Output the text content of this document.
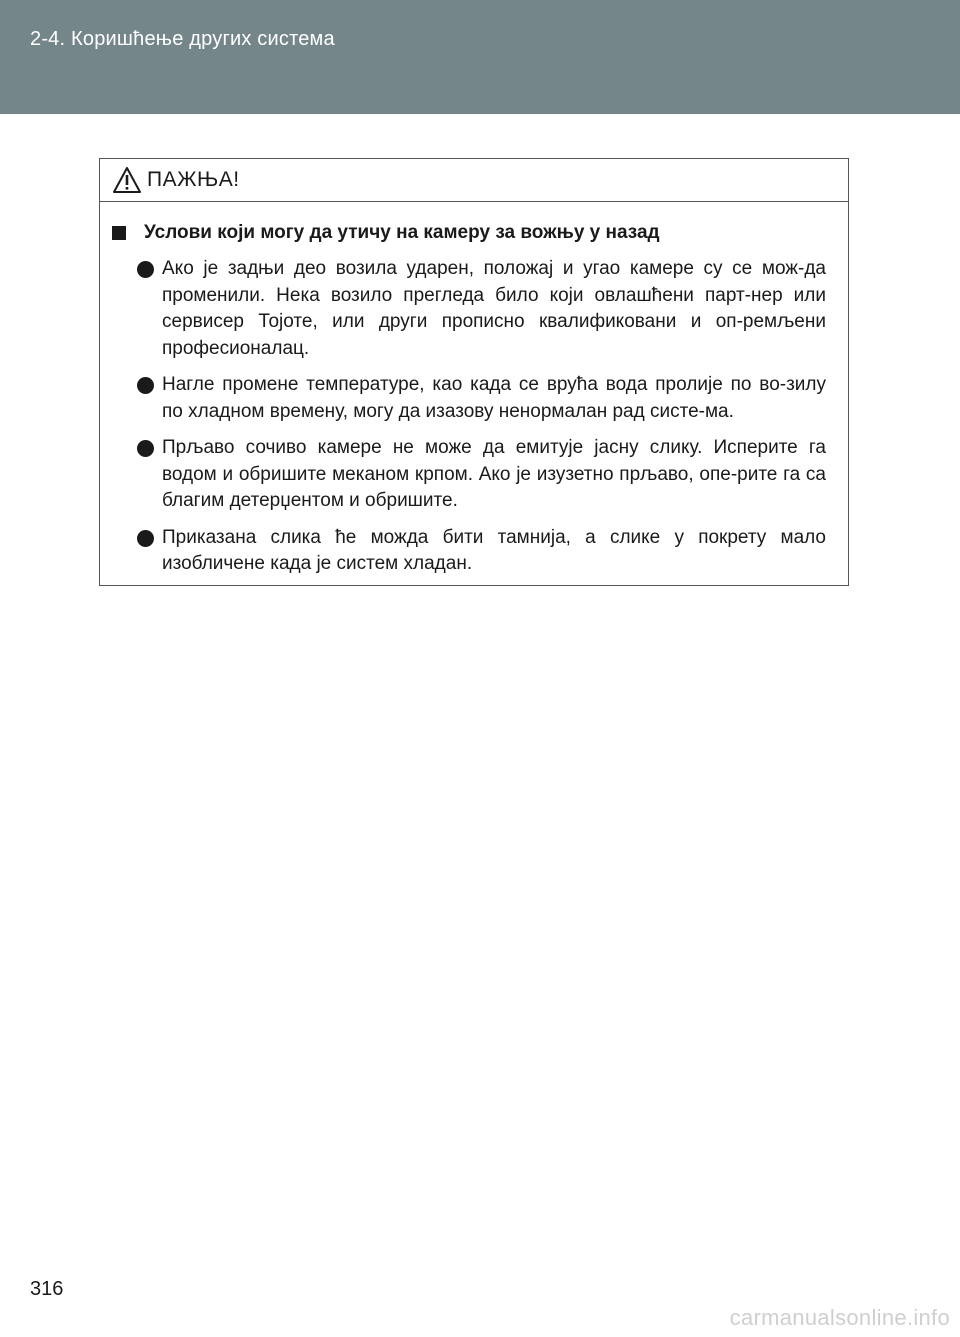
2-4. Коришћење других система
ПАЖЊА!
Услови који могу да утичу на камеру за вожњу у назад
Ако је задњи део возила ударен, положај и угао камере су се мож-да променили. Нека возило прегледа било који овлашћени парт-нер или сервисер Тојоте, или други прописно квалификовани и оп-ремљени професионалац.
Нагле промене температуре, као када се врућа вода пролије по во-зилу по хладном времену, могу да изазову ненормалан рад систе-ма.
Прљаво сочиво камере не може да емитује јасну слику. Исперите га водом и обришите меканом крпом. Ако је изузетно прљаво, опе-рите га са благим детерџентом и обришите.
Приказана слика ће можда бити тамнија, а слике у покрету мало изобличене када је систем хладан.
316
carmanualsonline.info
